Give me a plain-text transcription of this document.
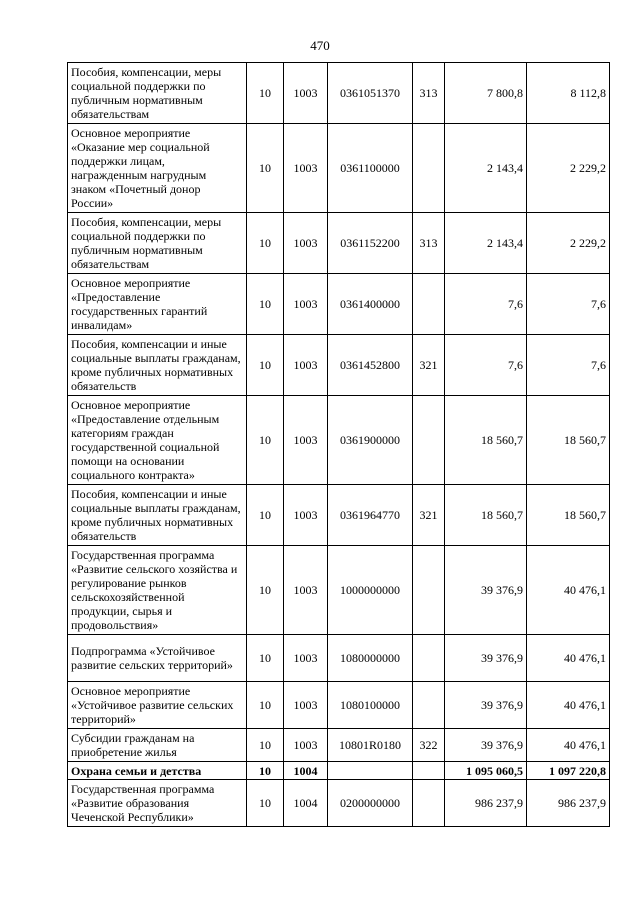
470
Пособия, компенсации, меры социальной поддержки по публичным нормативным обязательствам	10	1003	0361051370	313	7 800,8	8 112,8
Основное мероприятие «Оказание мер социальной поддержки лицам, награжденным нагрудным знаком «Почетный донор России»	10	1003	0361100000		2 143,4	2 229,2
Пособия, компенсации, меры социальной поддержки по публичным нормативным обязательствам	10	1003	0361152200	313	2 143,4	2 229,2
Основное мероприятие «Предоставление государственных гарантий инвалидам»	10	1003	0361400000		7,6	7,6
Пособия, компенсации и иные социальные выплаты гражданам, кроме публичных нормативных обязательств	10	1003	0361452800	321	7,6	7,6
Основное мероприятие «Предоставление отдельным категориям граждан государственной социальной помощи на основании социального контракта»	10	1003	0361900000		18 560,7	18 560,7
Пособия, компенсации и иные социальные выплаты гражданам, кроме публичных нормативных обязательств	10	1003	0361964770	321	18 560,7	18 560,7
Государственная программа «Развитие сельского хозяйства и регулирование рынков сельскохозяйственной продукции, сырья и продовольствия»	10	1003	1000000000		39 376,9	40 476,1
Подпрограмма «Устойчивое развитие сельских территорий»	10	1003	1080000000		39 376,9	40 476,1
Основное мероприятие «Устойчивое развитие сельских территорий»	10	1003	1080100000		39 376,9	40 476,1
Субсидии гражданам на приобретение жилья	10	1003	10801R0180	322	39 376,9	40 476,1
Охрана семьи и детства	10	1004			1 095 060,5	1 097 220,8
Государственная программа «Развитие образования Чеченской Республики»	10	1004	0200000000		986 237,9	986 237,9
